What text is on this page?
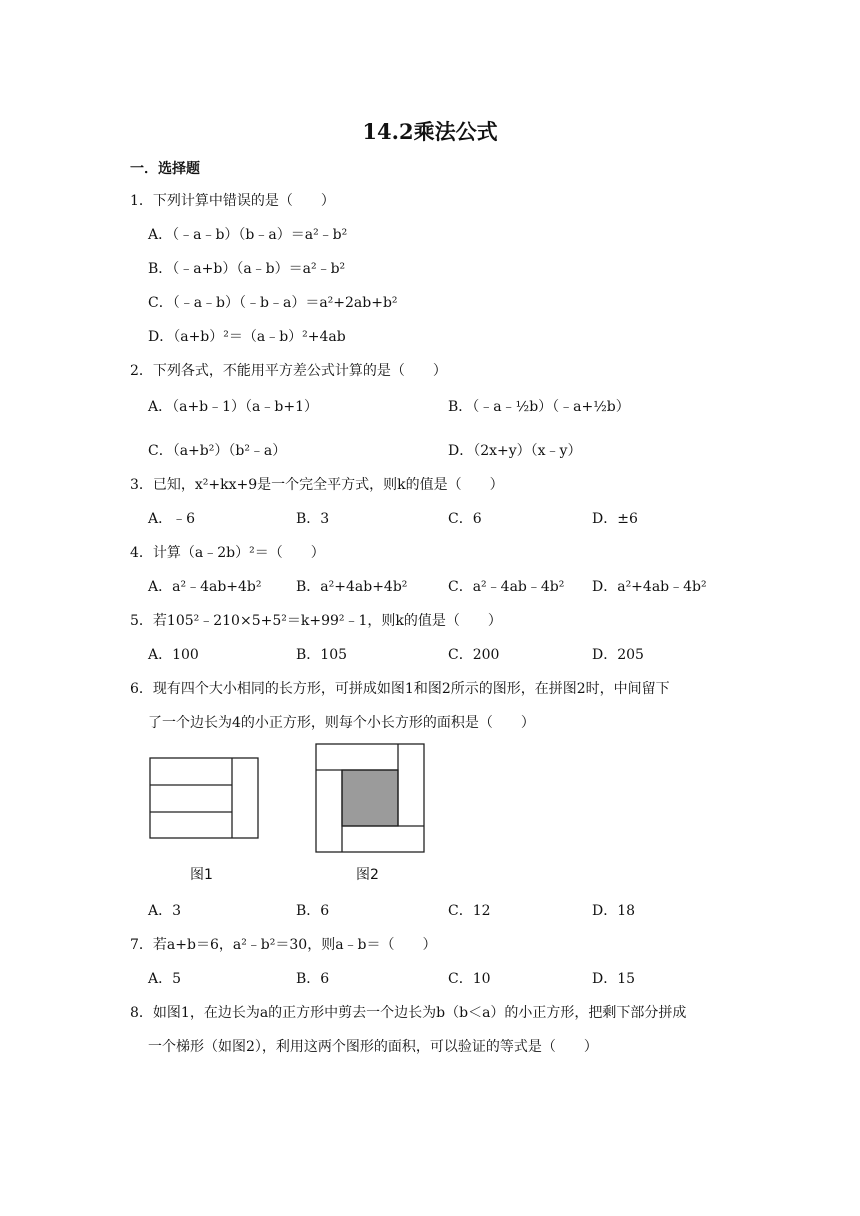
14.2乘法公式
一．选择题
1．下列计算中错误的是（　　）
A．（﹣a﹣b）（b﹣a）＝a²﹣b²
B．（﹣a+b）（a﹣b）＝a²﹣b²
C．（﹣a﹣b）（﹣b﹣a）＝a²+2ab+b²
D．（a+b）²＝（a﹣b）²+4ab
2．下列各式，不能用平方差公式计算的是（　　）
A．（a+b﹣1）（a﹣b+1）	B．（﹣a﹣½b）（﹣a+½b）
C．（a+b²）（b²﹣a）	D．（2x+y）（x﹣y）
3．已知，x²+kx+9是一个完全平方式，则k的值是（　　）
A．﹣6	B．3	C．6	D．±6
4．计算（a﹣2b）²＝（　　）
A．a²﹣4ab+4b² B．a²+4ab+4b²	C．a²﹣4ab﹣4b² D．a²+4ab﹣4b²
5．若105²﹣210×5+5²＝k+99²﹣1，则k的值是（　　）
A．100	B．105	C．200	D．205
6．现有四个大小相同的长方形，可拼成如图1和图2所示的图形，在拼图2时，中间留下
了一个边长为4的小正方形，则每个小长方形的面积是（　　）
图1	图2
A．3	B．6	C．12	D．18
7．若a+b＝6，a²﹣b²＝30，则a﹣b＝（　　）
A．5	B．6	C．10	D．15
8．如图1，在边长为a的正方形中剪去一个边长为b（b＜a）的小正方形，把剩下部分拼成
一个梯形（如图2），利用这两个图形的面积，可以验证的等式是（　　）
